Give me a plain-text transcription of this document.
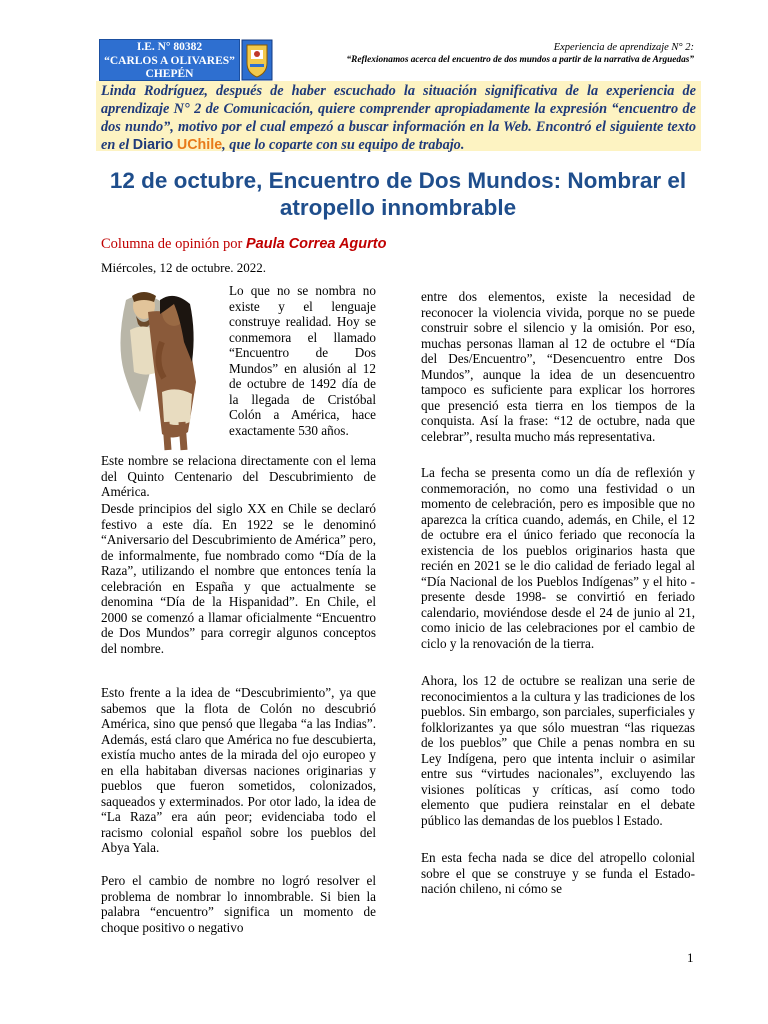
I.E. N° 80382
“CARLOS A OLIVARES”
CHEPÉN
Experiencia de aprendizaje N° 2:
“Reflexionamos acerca del encuentro de dos mundos a partir de la narrativa de Arguedas”
Linda Rodríguez, después de haber escuchado la situación significativa de la experiencia de aprendizaje N° 2 de Comunicación, quiere comprender apropiadamente la expresión “encuentro de dos nundo”, motivo por el cual empezó a buscar información en la Web. Encontró el siguiente texto en el Diario UChile, que lo coparte con su equipo de trabajo.
12 de octubre, Encuentro de Dos Mundos: Nombrar el atropello innombrable
Columna de opinión por Paula Correa Agurto
Miércoles, 12 de octubre. 2022.

Lo que no se nombra no existe y el lenguaje construye realidad. Hoy se conmemora el llamado “Encuentro de Dos Mundos” en alusión al 12 de octubre de 1492 día de la llegada de Cristóbal Colón a América, hace exactamente 530 años.

Este nombre se relaciona directamente con el lema del Quinto Centenario del Descubrimiento de América.

Desde principios del siglo XX en Chile se declaró festivo a este día. En 1922 se le denominó “Aniversario del Descubrimiento de América” pero, de informalmente, fue nombrado como “Día de la Raza”, utilizando el nombre que entonces tenía la celebración en España y que actualmente se denomina “Día de la Hispanidad”. En Chile, el 2000 se comenzó a llamar oficialmente “Encuentro de Dos Mundos” para corregir algunos conceptos del nombre.

Esto frente a la idea de “Descubrimiento”, ya que sabemos que la flota de Colón no descubrió América, sino que pensó que llegaba “a las Indias”. Además, está claro que América no fue descubierta, existía mucho antes de la mirada del ojo europeo y en ella habitaban diversas naciones originarias y pueblos que fueron sometidos, colonizados, saqueados y exterminados. Por otor lado, la idea de “La Raza” era aún peor; evidenciaba todo el racismo colonial español sobre los pueblos del Abya Yala.

Pero el cambio de nombre no logró resolver el problema de nombrar lo innombrable. Si bien la palabra “encuentro” significa un momento de choque positivo o negativo

entre dos elementos, existe la necesidad de reconocer la violencia vivida, porque no se puede construir sobre el silencio y la omisión. Por eso, muchas personas llaman al 12 de octubre el “Día del Des/Encuentro”, “Desencuentro entre Dos Mundos”, aunque la idea de un desencuentro tampoco es suficiente para explicar los horrores que presenció esta tierra en los tiempos de la conquista. Así la frase: “12 de octubre, nada que celebrar”, resulta mucho más representativa.

La fecha se presenta como un día de reflexión y conmemoración, no como una festividad o un momento de celebración, pero es imposible que no aparezca la crítica cuando, además, en Chile, el 12 de octubre era el único feriado que reconocía la existencia de los pueblos originarios hasta que recién en 2021 se le dio calidad de feriado legal al “Día Nacional de los Pueblos Indígenas” y el hito -presente desde 1998- se convirtió en feriado calendario, moviéndose desde el 24 de junio al 21, como inicio de las celebraciones por el cambio de ciclo y la renovación de la tierra.

Ahora, los 12 de octubre se realizan una serie de reconocimientos a la cultura y las tradiciones de los pueblos. Sin embargo, son parciales, superficiales y folklorizantes ya que sólo muestran “las riquezas de los pueblos” que Chile a penas nombra en su Ley Indígena, pero que intenta incluir o asimilar entre sus “virtudes nacionales”, excluyendo las visiones políticas y críticas, así como todo elemento que pudiera reinstalar en el debate público las demandas de los pueblos l Estado.

En esta fecha nada se dice del atropello colonial sobre el que se construye y se funda el Estado-nación chileno, ni cómo se

1
